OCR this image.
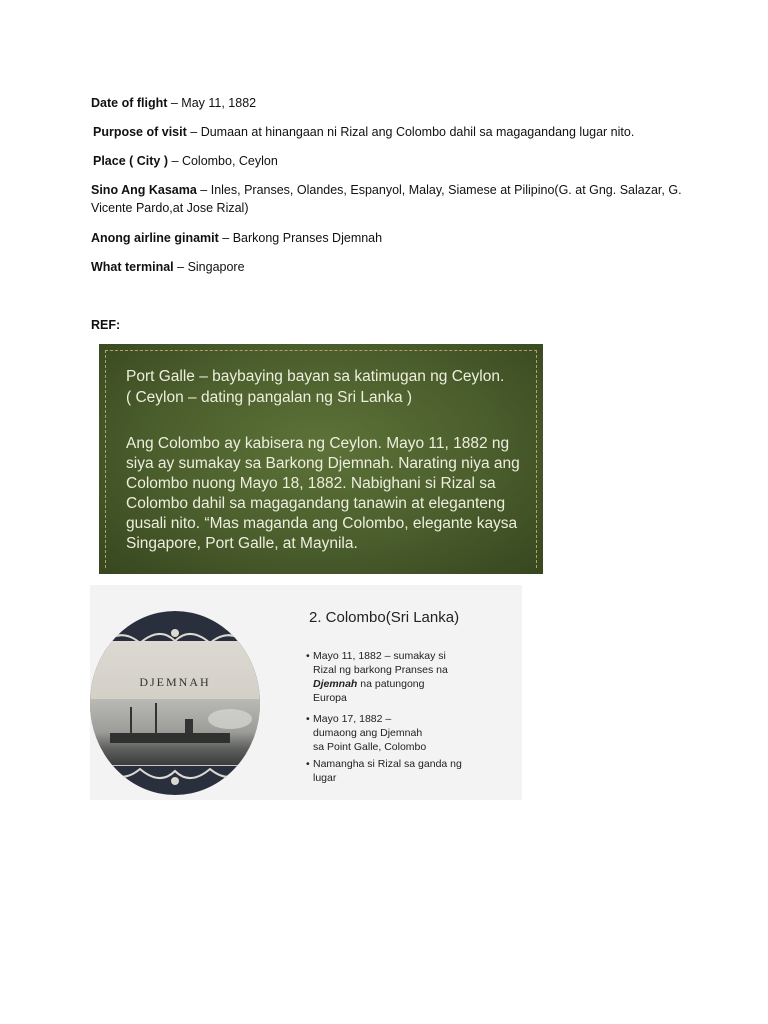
Date of flight – May 11, 1882
Purpose of visit – Dumaan at hinangaan ni Rizal ang Colombo dahil sa magagandang lugar nito.
Place ( City ) – Colombo, Ceylon
Sino Ang Kasama – Inles, Pranses, Olandes, Espanyol, Malay, Siamese at Pilipino(G. at Gng. Salazar, G.
Vicente Pardo,at Jose Rizal)
Anong airline ginamit – Barkong Pranses Djemnah
What terminal – Singapore
REF:
Port Galle – baybaying bayan sa katimugan ng Ceylon.
( Ceylon – dating pangalan ng Sri Lanka )
Ang Colombo ay kabisera ng Ceylon. Mayo 11, 1882 ng
siya ay sumakay sa Barkong Djemnah. Narating niya ang
Colombo nuong Mayo 18, 1882. Nabighani si Rizal sa
Colombo dahil sa magagandang tanawin at eleganteng
gusali nito. “Mas maganda ang Colombo, elegante kaysa
Singapore, Port Galle, at Maynila.
DJEMNAH
2. Colombo(Sri Lanka)
• Mayo 11, 1882 – sumakay si
Rizal ng barkong Pranses na
Djemnah na patungong
Europa
• Mayo 17, 1882 –
dumaong ang Djemnah
sa Point Galle, Colombo
• Namangha si Rizal sa ganda ng
lugar
